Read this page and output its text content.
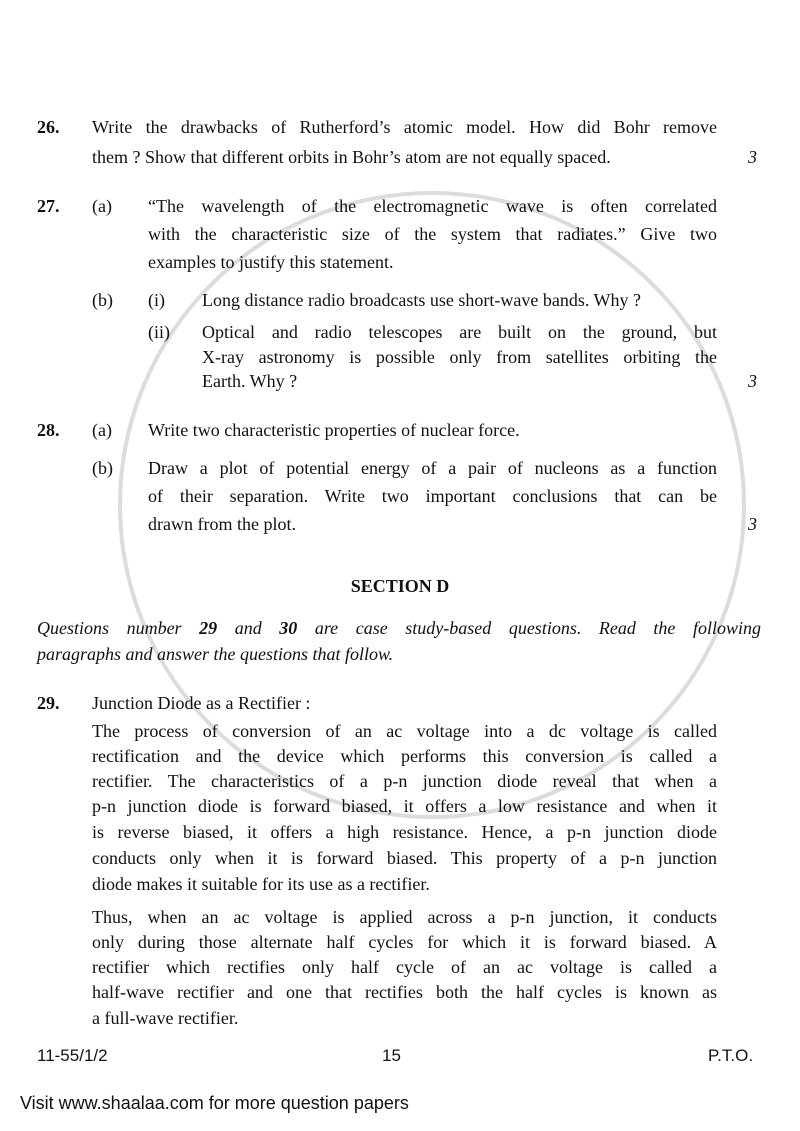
26. Write the drawbacks of Rutherford’s atomic model. How did Bohr remove
them ? Show that different orbits in Bohr’s atom are not equally spaced.	3
27. (a) “The wavelength of the electromagnetic wave is often correlated
with the characteristic size of the system that radiates.” Give two
examples to justify this statement.
(b) (i) Long distance radio broadcasts use short-wave bands. Why ?
(ii) Optical and radio telescopes are built on the ground, but
X-ray astronomy is possible only from satellites orbiting the
Earth. Why ?	3
28. (a) Write two characteristic properties of nuclear force.
(b) Draw a plot of potential energy of a pair of nucleons as a function
of their separation. Write two important conclusions that can be
drawn from the plot.	3
SECTION D
Questions number 29 and 30 are case study-based questions. Read the following
paragraphs and answer the questions that follow.
29. Junction Diode as a Rectifier :
The process of conversion of an ac voltage into a dc voltage is called
rectification and the device which performs this conversion is called a
rectifier. The characteristics of a p-n junction diode reveal that when a
p-n junction diode is forward biased, it offers a low resistance and when it
is reverse biased, it offers a high resistance. Hence, a p-n junction diode
conducts only when it is forward biased. This property of a p-n junction
diode makes it suitable for its use as a rectifier.
Thus, when an ac voltage is applied across a p-n junction, it conducts
only during those alternate half cycles for which it is forward biased. A
rectifier which rectifies only half cycle of an ac voltage is called a
half-wave rectifier and one that rectifies both the half cycles is known as
a full-wave rectifier.
11-55/1/2	15	P.T.O.
Visit www.shaalaa.com for more question papers
